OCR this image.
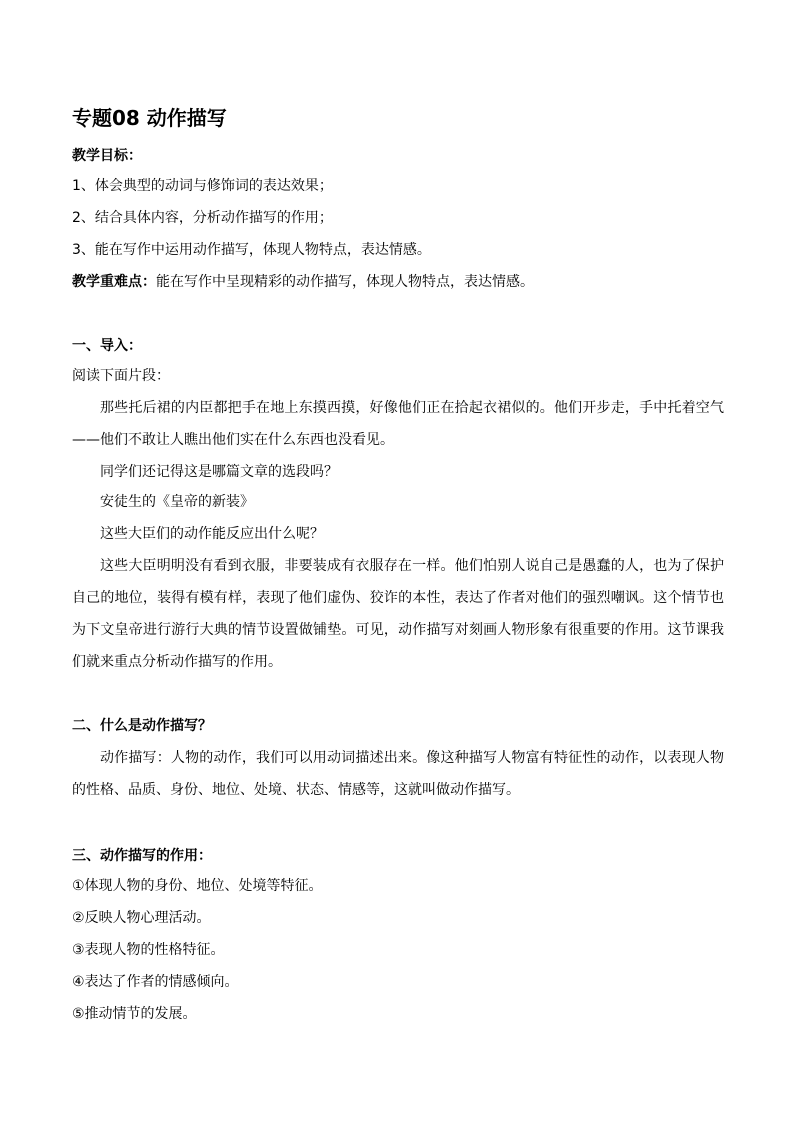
专题08 动作描写
教学目标：
1、体会典型的动词与修饰词的表达效果；
2、结合具体内容，分析动作描写的作用；
3、能在写作中运用动作描写，体现人物特点，表达情感。
教学重难点：能在写作中呈现精彩的动作描写，体现人物特点，表达情感。
一、导入：
阅读下面片段：
那些托后裙的内臣都把手在地上东摸西摸，好像他们正在拾起衣裙似的。他们开步走，手中托着空气——他们不敢让人瞧出他们实在什么东西也没看见。
同学们还记得这是哪篇文章的选段吗？
安徒生的《皇帝的新装》
这些大臣们的动作能反应出什么呢？
这些大臣明明没有看到衣服，非要装成有衣服存在一样。他们怕别人说自己是愚蠢的人，也为了保护自己的地位，装得有模有样，表现了他们虚伪、狡诈的本性，表达了作者对他们的强烈嘲讽。这个情节也为下文皇帝进行游行大典的情节设置做铺垫。可见，动作描写对刻画人物形象有很重要的作用。这节课我们就来重点分析动作描写的作用。
二、什么是动作描写？
动作描写：人物的动作，我们可以用动词描述出来。像这种描写人物富有特征性的动作，以表现人物的性格、品质、身份、地位、处境、状态、情感等，这就叫做动作描写。
三、动作描写的作用：
①体现人物的身份、地位、处境等特征。
②反映人物心理活动。
③表现人物的性格特征。
④表达了作者的情感倾向。
⑤推动情节的发展。
